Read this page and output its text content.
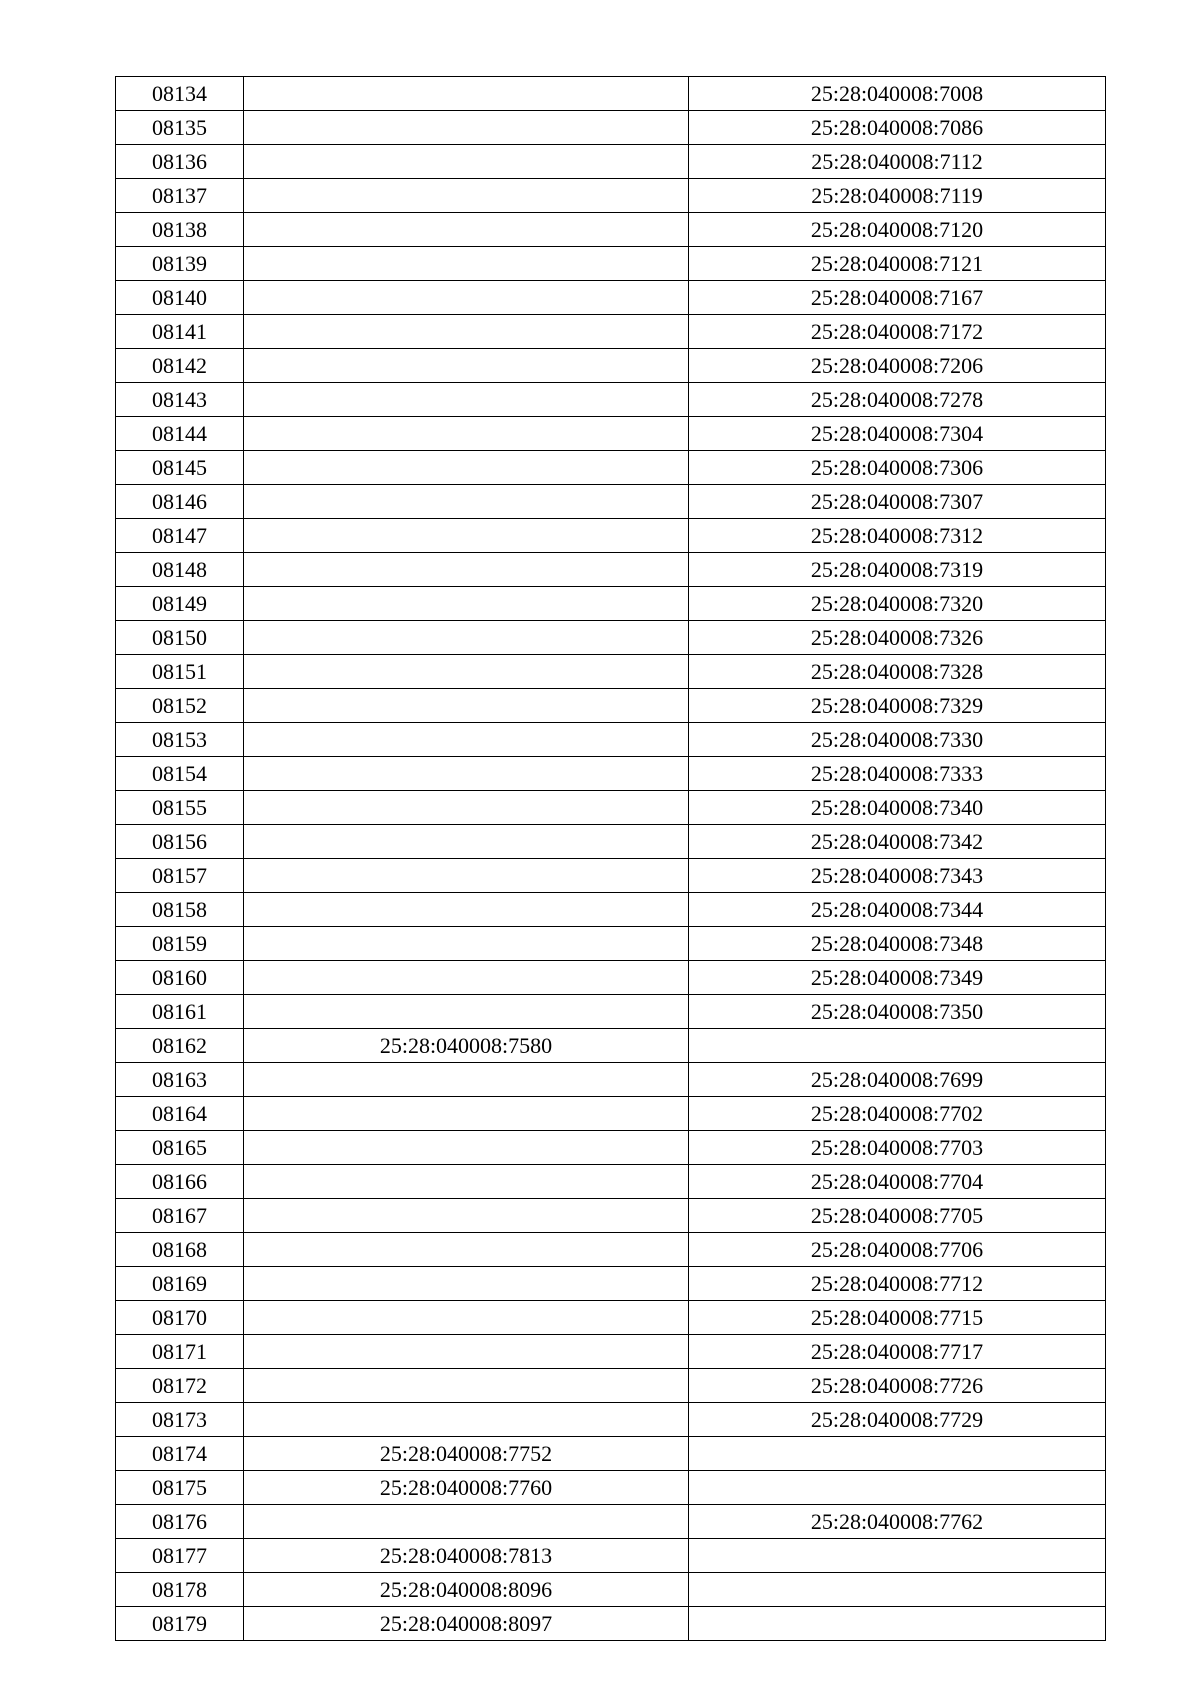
08134		25:28:040008:7008
08135		25:28:040008:7086
08136		25:28:040008:7112
08137		25:28:040008:7119
08138		25:28:040008:7120
08139		25:28:040008:7121
08140		25:28:040008:7167
08141		25:28:040008:7172
08142		25:28:040008:7206
08143		25:28:040008:7278
08144		25:28:040008:7304
08145		25:28:040008:7306
08146		25:28:040008:7307
08147		25:28:040008:7312
08148		25:28:040008:7319
08149		25:28:040008:7320
08150		25:28:040008:7326
08151		25:28:040008:7328
08152		25:28:040008:7329
08153		25:28:040008:7330
08154		25:28:040008:7333
08155		25:28:040008:7340
08156		25:28:040008:7342
08157		25:28:040008:7343
08158		25:28:040008:7344
08159		25:28:040008:7348
08160		25:28:040008:7349
08161		25:28:040008:7350
08162	25:28:040008:7580	
08163		25:28:040008:7699
08164		25:28:040008:7702
08165		25:28:040008:7703
08166		25:28:040008:7704
08167		25:28:040008:7705
08168		25:28:040008:7706
08169		25:28:040008:7712
08170		25:28:040008:7715
08171		25:28:040008:7717
08172		25:28:040008:7726
08173		25:28:040008:7729
08174	25:28:040008:7752	
08175	25:28:040008:7760	
08176		25:28:040008:7762
08177	25:28:040008:7813	
08178	25:28:040008:8096	
08179	25:28:040008:8097	
